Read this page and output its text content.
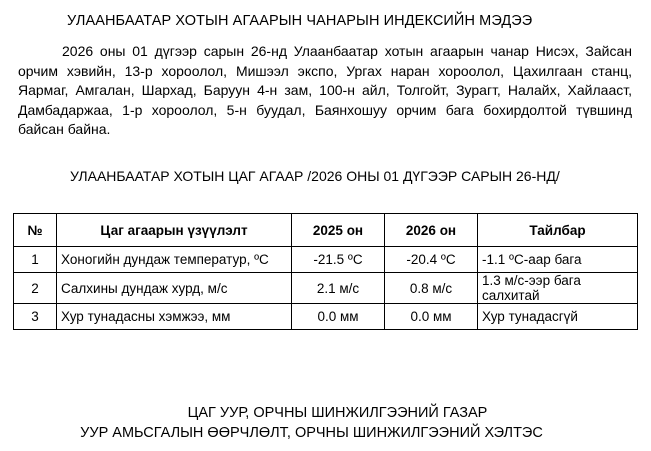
УЛААНБААТАР ХОТЫН АГААРЫН ЧАНАРЫН ИНДЕКСИЙН МЭДЭЭ

2026 оны 01 дүгээр сарын 26-нд Улаанбаатар хотын агаарын чанар Нисэх, Зайсан орчим хэвийн, 13-р хороолол, Мишээл экспо, Ургах наран хороолол, Цахилгаан станц, Яармаг, Амгалан, Шархад, Баруун 4-н зам, 100-н айл, Толгойт, Зурагт, Налайх, Хайлааст, Дамбадаржаа, 1-р хороолол, 5-н буудал, Баянхошуу орчим бага бохирдолтой түвшинд байсан байна.

УЛААНБААТАР ХОТЫН ЦАГ АГААР /2026 ОНЫ 01 ДҮГЭЭР САРЫН 26-НД/
№	Цаг агаарын үзүүлэлт	2025 он	2026 он	Тайлбар
1	Хоногийн дундаж температур, ºС	-21.5 ºС	-20.4 ºС	-1.1 ºС-аар бага
2	Салхины дундаж хурд, м/с	2.1 м/с	0.8 м/с	1.3 м/с-ээр бага салхитай
3	Хур тунадасны хэмжээ, мм	0.0 мм	0.0 мм	Хур тунадасгүй
ЦАГ УУР, ОРЧНЫ ШИНЖИЛГЭЭНИЙ ГАЗАР
УУР АМЬСГАЛЫН ӨӨРЧЛӨЛТ, ОРЧНЫ ШИНЖИЛГЭЭНИЙ ХЭЛТЭС
